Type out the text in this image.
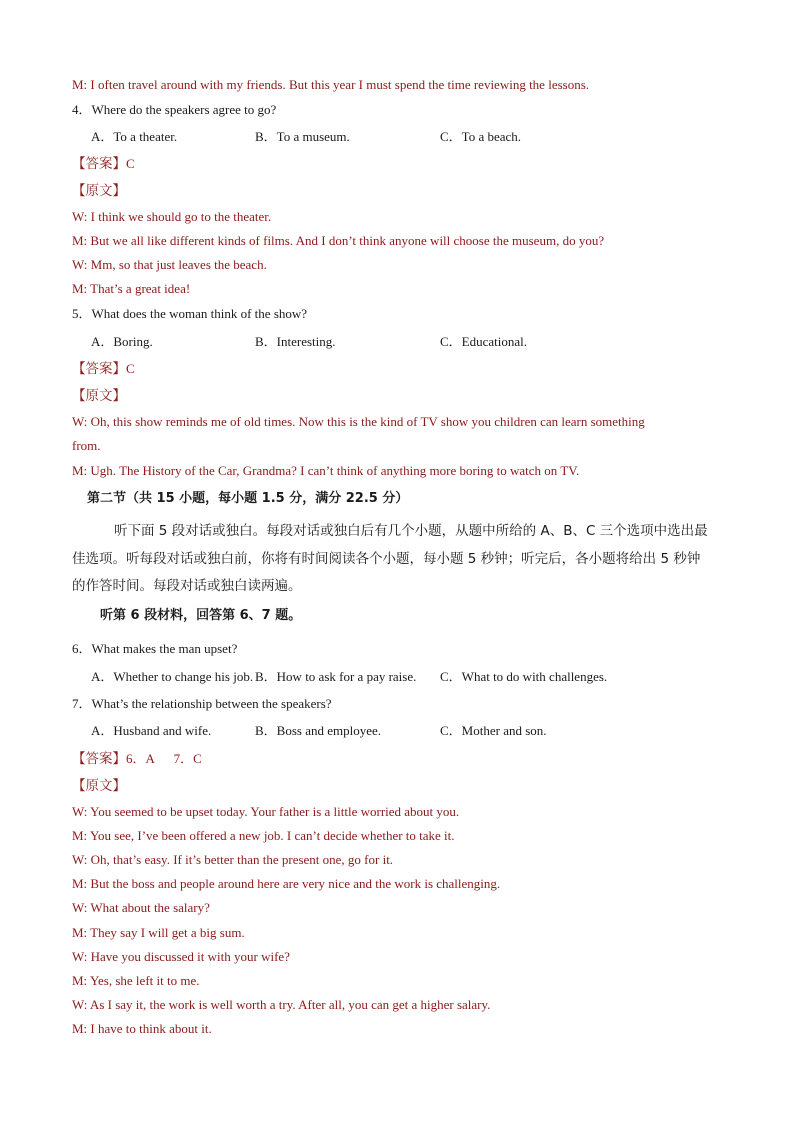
M: I often travel around with my friends. But this year I must spend the time reviewing the lessons.
4．Where do the speakers agree to go?
A．To a theater.	B．To a museum.	C．To a beach.
【答案】C
【原文】
W: I think we should go to the theater.
M: But we all like different kinds of films. And I don’t think anyone will choose the museum, do you?
W: Mm, so that just leaves the beach.
M: That’s a great idea!
5．What does the woman think of the show?
A．Boring.	B．Interesting.	C．Educational.
【答案】C
【原文】
W: Oh, this show reminds me of old times. Now this is the kind of TV show you children can learn something
from.
M: Ugh. The History of the Car, Grandma? I can’t think of anything more boring to watch on TV.
第二节（共 15 小题，每小题 1.5 分，满分 22.5 分）
听下面 5 段对话或独白。每段对话或独白后有几个小题，从题中所给的 A、B、C 三个选项中选出最
佳选项。听每段对话或独白前，你将有时间阅读各个小题，每小题 5 秒钟；听完后，各小题将给出 5 秒钟
的作答时间。每段对话或独白读两遍。
听第 6 段材料，回答第 6、7 题。
6．What makes the man upset?
A．Whether to change his job. B．How to ask for a pay raise. C．What to do with challenges.
7．What’s the relationship between the speakers?
A．Husband and wife.	B．Boss and employee.	C．Mother and son.
【答案】6．A      7．C
【原文】
W: You seemed to be upset today. Your father is a little worried about you.
M: You see, I’ve been offered a new job. I can’t decide whether to take it.
W: Oh, that’s easy. If it’s better than the present one, go for it.
M: But the boss and people around here are very nice and the work is challenging.
W: What about the salary?
M: They say I will get a big sum.
W: Have you discussed it with your wife?
M: Yes, she left it to me.
W: As I say it, the work is well worth a try. After all, you can get a higher salary.
M: I have to think about it.
